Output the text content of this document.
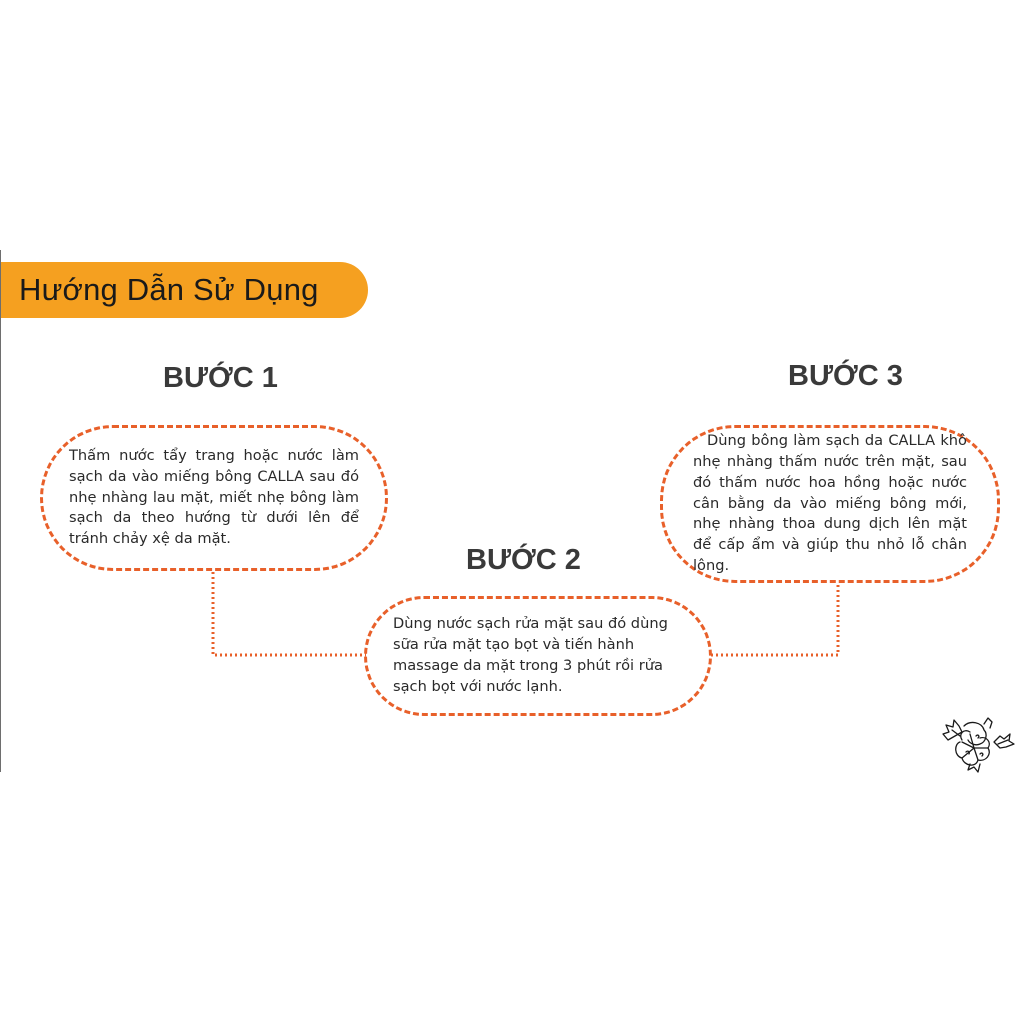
Hướng Dẫn Sử Dụng
BƯỚC 1

Thấm nước tẩy trang hoặc nước làm sạch da vào miếng bông CALLA sau đó nhẹ nhàng lau mặt, miết nhẹ bông làm sạch da theo hướng từ dưới lên để tránh chảy xệ da mặt.

BƯỚC 2

Dùng nước sạch rửa mặt sau đó dùng sữa rửa mặt tạo bọt và tiến hành massage da mặt trong 3 phút rồi rửa sạch bọt với nước lạnh.

BƯỚC 3

Dùng bông làm sạch da CALLA khô nhẹ nhàng thấm nước trên mặt, sau đó thấm nước hoa hồng hoặc nước cân bằng da vào miếng bông mới, nhẹ nhàng thoa dung dịch lên mặt để cấp ẩm và giúp thu nhỏ lỗ chân lông.
